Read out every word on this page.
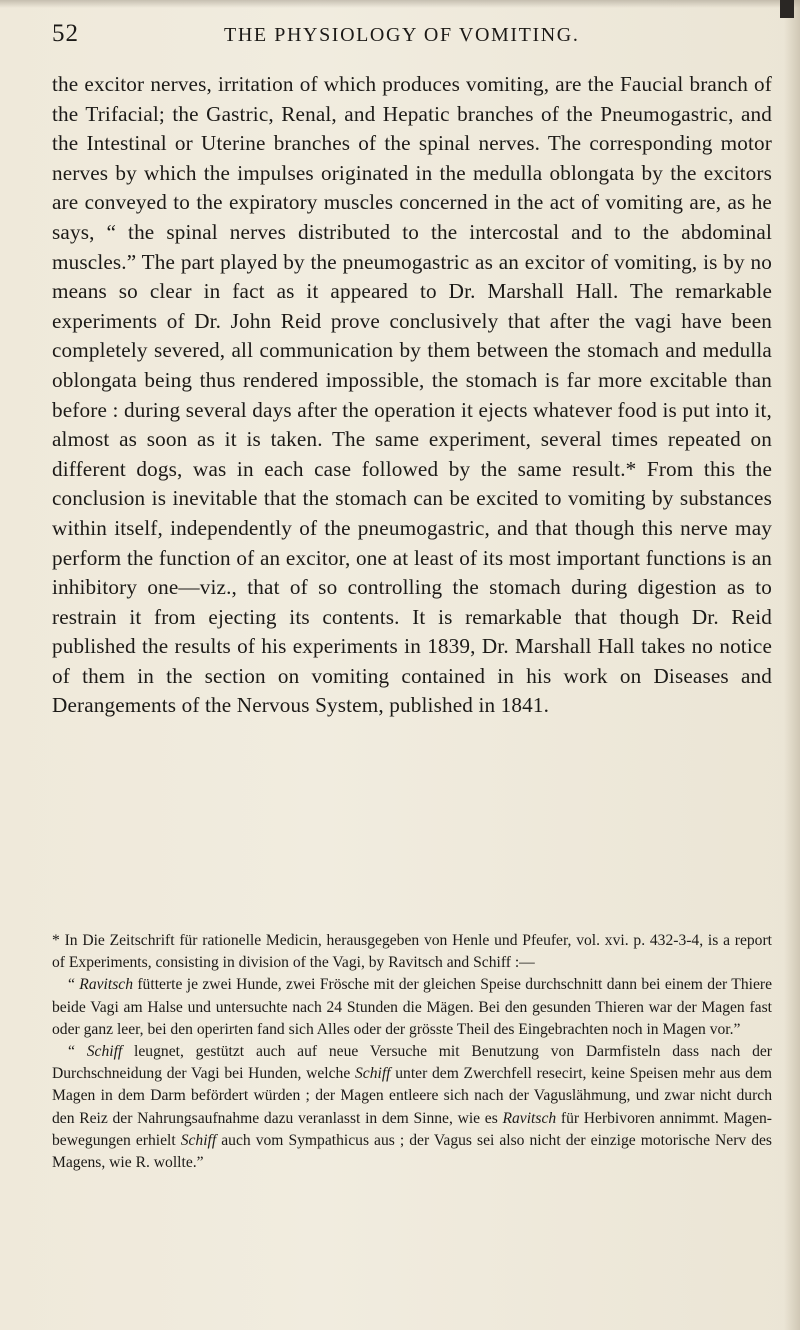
52	THE PHYSIOLOGY OF VOMITING.

the excitor nerves, irritation of which produces vomiting, are the Faucial branch of the Trifacial; the Gastric, Renal, and Hepatic branches of the Pneumogastric, and the Intestinal or Uterine branches of the spinal nerves. The corresponding motor nerves by which the impulses originated in the medulla oblongata by the excitors are conveyed to the expiratory muscles concerned in the act of vomiting are, as he says, “ the spinal nerves distributed to the intercostal and to the abdominal muscles.” The part played by the pneumogastric as an excitor of vomiting, is by no means so clear in fact as it appeared to Dr. Marshall Hall. The remarkable experiments of Dr. John Reid prove conclusively that after the vagi have been completely severed, all communication by them between the stomach and medulla oblongata being thus rendered impossible, the stomach is far more excitable than before : during several days after the operation it ejects whatever food is put into it, almost as soon as it is taken. The same experiment, several times repeated on different dogs, was in each case followed by the same result.* From this the conclusion is inevitable that the stomach can be excited to vomiting by substances within itself, independently of the pneumogastric, and that though this nerve may perform the function of an excitor, one at least of its most important functions is an inhibitory one—viz., that of so controlling the stomach during digestion as to restrain it from ejecting its contents. It is remarkable that though Dr. Reid published the results of his experiments in 1839, Dr. Marshall Hall takes no notice of them in the section on vomiting contained in his work on Diseases and Derangements of the Nervous System, published in 1841.

* In Die Zeitschrift für rationelle Medicin, herausgegeben von Henle und Pfeufer, vol. xvi. p. 432-3-4, is a report of Experiments, consisting in division of the Vagi, by Ravitsch and Schiff :—

“ Ravitsch fütterte je zwei Hunde, zwei Frösche mit der gleichen Speise durchschnitt dann bei einem der Thiere beide Vagi am Halse und untersuchte nach 24 Stunden die Mägen. Bei den gesunden Thieren war der Magen fast oder ganz leer, bei den operirten fand sich Alles oder der grösste Theil des Eingebrachten noch in Magen vor.”

“ Schiff leugnet, gestützt auch auf neue Versuche mit Benutzung von Darmfisteln dass nach der Durchschneidung der Vagi bei Hunden, welche Schiff unter dem Zwerchfell resecirt, keine Speisen mehr aus dem Magen in dem Darm befördert würden ; der Magen entleere sich nach der Vaguslähmung, und zwar nicht durch den Reiz der Nahrungsaufnahme dazu veranlasst in dem Sinne, wie es Ravitsch für Herbivoren annimmt. Magen-bewegungen erhielt Schiff auch vom Sympathicus aus ; der Vagus sei also nicht der einzige motorische Nerv des Magens, wie R. wollte.”
